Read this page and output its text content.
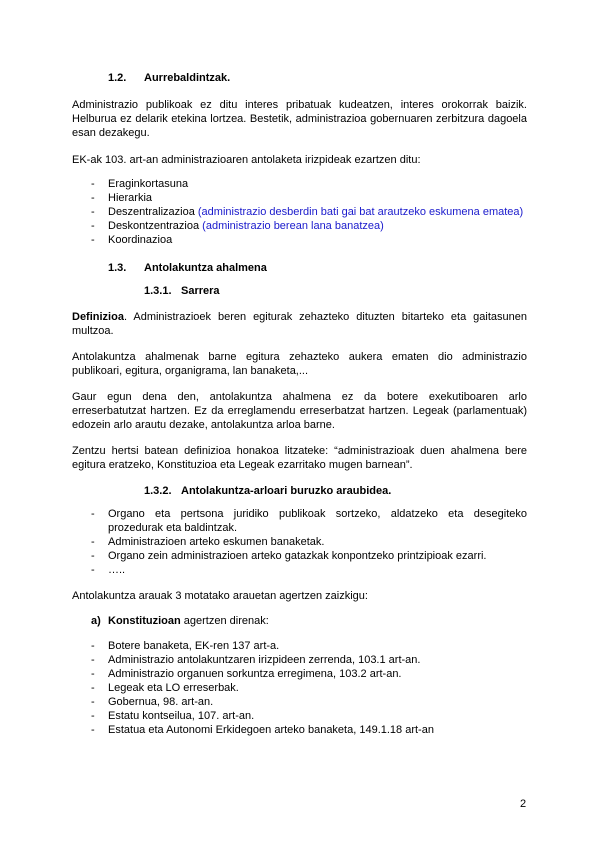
1.2. Aurrebaldintzak.
Administrazio publikoak ez ditu interes pribatuak kudeatzen, interes orokorrak baizik.
Helburua ez delarik etekina lortzea. Bestetik, administrazioa gobernuaren zerbitzura dagoela
esan dezakegu.
EK-ak 103. art-an administrazioaren antolaketa irizpideak ezartzen ditu:
- Eraginkortasuna
- Hierarkia
- Deszentralizazioa (administrazio desberdin bati gai bat arautzeko eskumena ematea)
- Deskontzentrazioa (administrazio berean lana banatzea)
- Koordinazioa
1.3. Antolakuntza ahalmena
1.3.1. Sarrera
Definizioa. Administrazioek beren egiturak zehazteko dituzten bitarteko eta gaitasunen
multzoa.
Antolakuntza ahalmenak barne egitura zehazteko aukera ematen dio administrazio
publikoari, egitura, organigrama, lan banaketa,...
Gaur egun dena den, antolakuntza ahalmena ez da botere exekutiboaren arlo
erreserbatutzat hartzen. Ez da erreglamendu erreserbatzat hartzen. Legeak (parlamentuak)
edozein arlo arautu dezake, antolakuntza arloa barne.
Zentzu hertsi batean definizioa honakoa litzateke: “administrazioak duen ahalmena bere
egitura eratzeko, Konstituzioa eta Legeak ezarritako mugen barnean”.
1.3.2. Antolakuntza-arloari buruzko araubidea.
- Organo eta pertsona juridiko publikoak sortzeko, aldatzeko eta desegiteko
prozedurak eta baldintzak.
- Administrazioen arteko eskumen banaketak.
- Organo zein administrazioen arteko gatazkak konpontzeko printzipioak ezarri.
- …..
Antolakuntza arauak 3 motatako arauetan agertzen zaizkigu:
a) Konstituzioan agertzen direnak:
- Botere banaketa, EK-ren 137 art-a.
- Administrazio antolakuntzaren irizpideen zerrenda, 103.1 art-an.
- Administrazio organuen sorkuntza erregimena, 103.2 art-an.
- Legeak eta LO erreserbak.
- Gobernua, 98. art-an.
- Estatu kontseilua, 107. art-an.
- Estatua eta Autonomi Erkidegoen arteko banaketa, 149.1.18 art-an
2
